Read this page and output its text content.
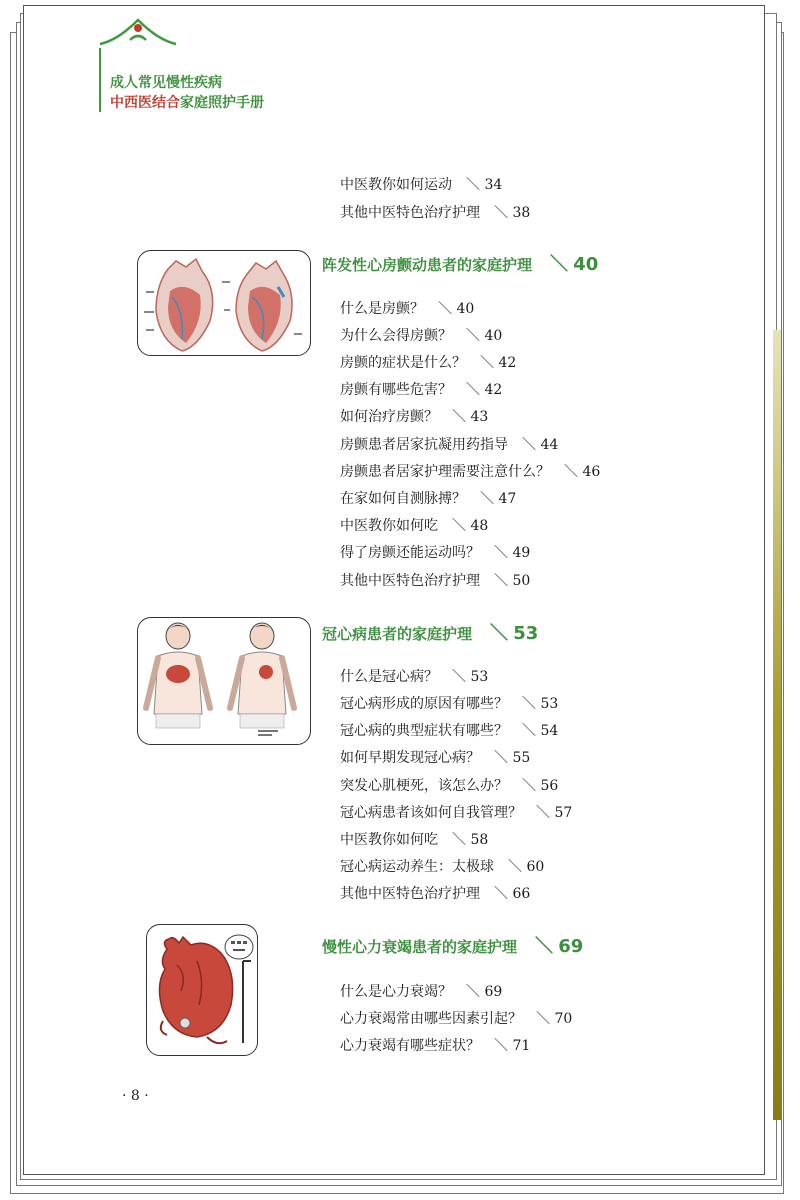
成人常见慢性疾病
中西医结合家庭照护手册
中医教你如何运动 ＼ 34
其他中医特色治疗护理 ＼ 38
阵发性心房颤动患者的家庭护理 ＼ 40
什么是房颤？ ＼ 40
为什么会得房颤？ ＼ 40
房颤的症状是什么？ ＼ 42
房颤有哪些危害？ ＼ 42
如何治疗房颤？ ＼ 43
房颤患者居家抗凝用药指导 ＼ 44
房颤患者居家护理需要注意什么？ ＼ 46
在家如何自测脉搏？ ＼ 47
中医教你如何吃 ＼ 48
得了房颤还能运动吗？ ＼ 49
其他中医特色治疗护理 ＼ 50
冠心病患者的家庭护理 ＼ 53
什么是冠心病？ ＼ 53
冠心病形成的原因有哪些？ ＼ 53
冠心病的典型症状有哪些？ ＼ 54
如何早期发现冠心病？ ＼ 55
突发心肌梗死，该怎么办？ ＼ 56
冠心病患者该如何自我管理？ ＼ 57
中医教你如何吃 ＼ 58
冠心病运动养生：太极球 ＼ 60
其他中医特色治疗护理 ＼ 66
慢性心力衰竭患者的家庭护理 ＼ 69
什么是心力衰竭？ ＼ 69
心力衰竭常由哪些因素引起？ ＼ 70
心力衰竭有哪些症状？ ＼ 71
· 8 ·
